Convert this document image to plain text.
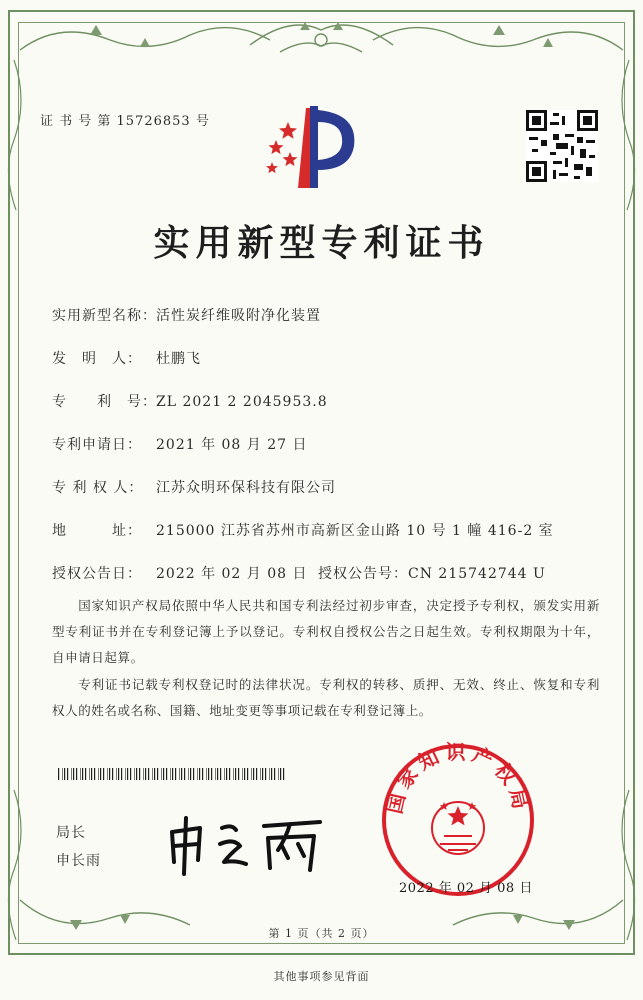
证 书 号 第 15726853 号
实用新型专利证书
实用新型名称：活性炭纤维吸附净化装置
发　明　人： 杜鹏飞
专　　利　号：ZL 2021 2 2045953.8
专利申请日： 2021 年 08 月 27 日
专 利 权 人： 江苏众明环保科技有限公司
地　　　址： 215000 江苏省苏州市高新区金山路 10 号 1 幢 416-2 室
授权公告日： 2022 年 02 月 08 日 授权公告号：CN 215742744 U
国家知识产权局依照中华人民共和国专利法经过初步审查，决定授予专利权，颁发实用新型专利证书并在专利登记簿上予以登记。专利权自授权公告之日起生效。专利权期限为十年，自申请日起算。
专利证书记载专利权登记时的法律状况。专利权的转移、质押、无效、终止、恢复和专利权人的姓名或名称、国籍、地址变更等事项记载在专利登记簿上。
局长
申长雨
国家知识产权局
2022 年 02 月 08 日
第 1 页（共 2 页）
其他事项参见背面
